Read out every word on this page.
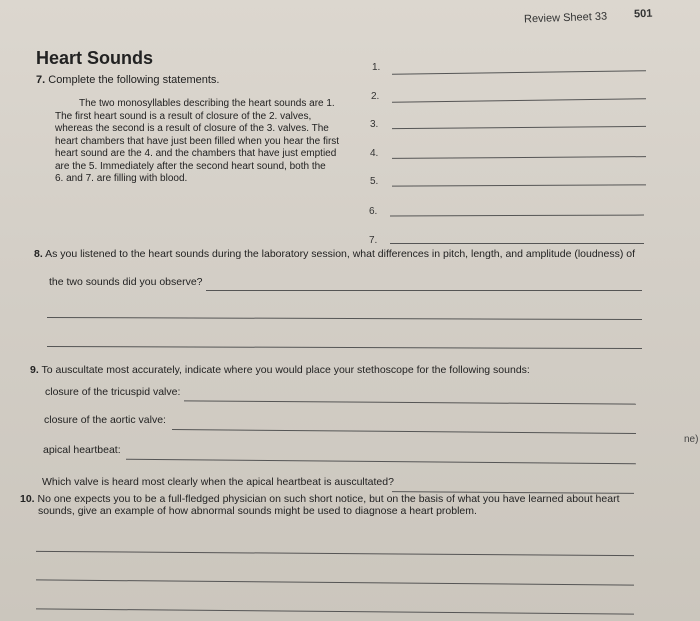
Review Sheet 33 501
Heart Sounds
7. Complete the following statements.
The two monosyllables describing the heart sounds are 1.
The first heart sound is a result of closure of the 2. valves,
whereas the second is a result of closure of the 3. valves. The
heart chambers that have just been filled when you hear the first
heart sound are the 4. and the chambers that have just emptied
are the 5. Immediately after the second heart sound, both the
6. and 7. are filling with blood.
1.
2.
3.
4.
5.
6.
7.
8. As you listened to the heart sounds during the laboratory session, what differences in pitch, length, and amplitude (loudness) of
the two sounds did you observe?
9. To auscultate most accurately, indicate where you would place your stethoscope for the following sounds:
closure of the tricuspid valve:
closure of the aortic valve:
apical heartbeat:
Which valve is heard most clearly when the apical heartbeat is auscultated?
10. No one expects you to be a full-fledged physician on such short notice, but on the basis of what you have learned about heart
sounds, give an example of how abnormal sounds might be used to diagnose a heart problem.
ne)
